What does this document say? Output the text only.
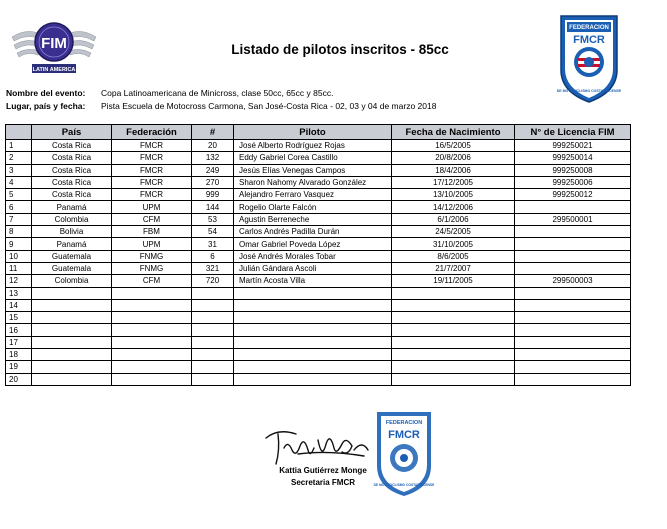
FIM
LATIN AMERICA
Listado de pilotos inscritos - 85cc
FEDERACION
FMCR
DE MOTOCICLISMO COSTARRICENSE
Nombre del evento: Copa Latinoamericana de Minicross, clase 50cc, 65cc y 85cc.
Lugar, país y fecha: Pista Escuela de Motocross Carmona, San José-Costa Rica - 02, 03 y 04 de marzo 2018
	País	Federación	#	Piloto	Fecha de Nacimiento	N° de Licencia FIM
1	Costa Rica	FMCR	20	José Alberto Rodríguez Rojas	16/5/2005	999250021
2	Costa Rica	FMCR	132	Eddy Gabriel Corea Castillo	20/8/2006	999250014
3	Costa Rica	FMCR	249	Jesús Elías Venegas Campos	18/4/2006	999250008
4	Costa Rica	FMCR	270	Sharon Nahomy Alvarado González	17/12/2005	999250006
5	Costa Rica	FMCR	999	Alejandro Ferraro Vasquez	13/10/2005	999250012
6	Panamá	UPM	144	Rogelio Olarte Falcón	14/12/2006	
7	Colombia	CFM	53	Agustin Berreneche	6/1/2006	299500001
8	Bolivia	FBM	54	Carlos Andrés Padilla Durán	24/5/2005	
9	Panamá	UPM	31	Omar Gabriel Poveda López	31/10/2005	
10	Guatemala	FNMG	6	José Andrés Morales Tobar	8/6/2005	
11	Guatemala	FNMG	321	Julián Gándara Ascoli	21/7/2007	
12	Colombia	CFM	720	Martín Acosta Villa	19/11/2005	299500003
13						
14						
15						
16						
17						
18						
19						
20						
FEDERACION
FMCR
DE MOTOCICLISMO COSTARRICENSE
Kattia Gutiérrez Monge
Secretaria FMCR
